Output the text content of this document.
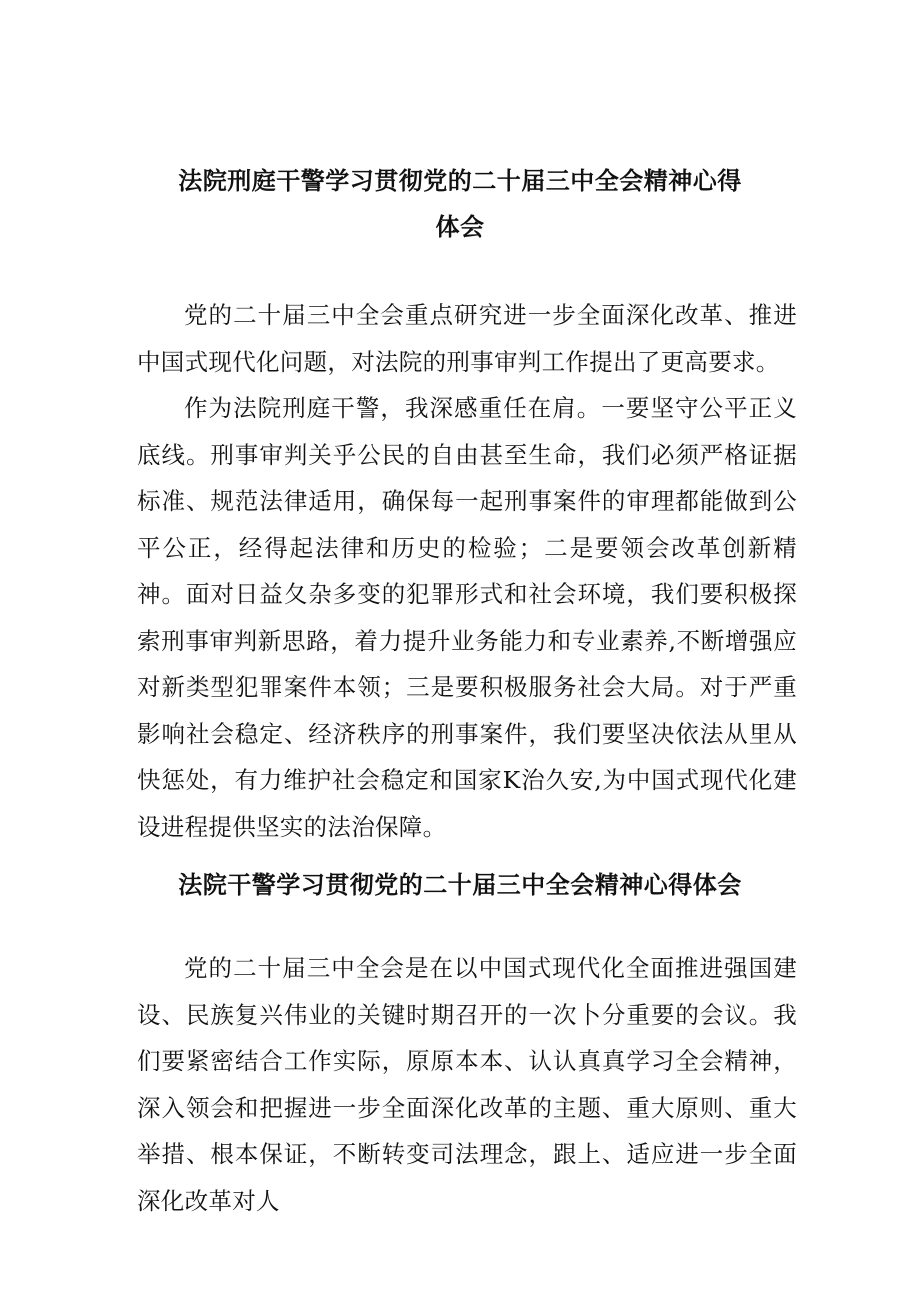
法院刑庭干警学习贯彻党的二十届三中全会精神心得
体会

党的二十届三中全会重点研究进一步全面深化改革、推进中国式现代化问题，对法院的刑事审判工作提出了更高要求。

作为法院刑庭干警，我深感重任在肩。一要坚守公平正义底线。刑事审判关乎公民的自由甚至生命，我们必须严格证据标准、规范法律适用，确保每一起刑事案件的审理都能做到公平公正，经得起法律和历史的检验；二是要领会改革创新精神。面对日益夂杂多变的犯罪形式和社会环境，我们要积极探索刑事审判新思路，着力提升业务能力和专业素养,不断增强应对新类型犯罪案件本领；三是要积极服务社会大局。对于严重影响社会稳定、经济秩序的刑事案件，我们要坚决依法从里从快惩处，有力维护社会稳定和国家K治久安,为中国式现代化建设进程提供坚实的法治保障。

法院干警学习贯彻党的二十届三中全会精神心得体会

党的二十届三中全会是在以中国式现代化全面推进强国建设、民族复兴伟业的关键时期召开的一次卜分重要的会议。我们要紧密结合工作实际，原原本本、认认真真学习全会精神，深入领会和把握进一步全面深化改革的主题、重大原则、重大举措、根本保证，不断转变司法理念，跟上、适应进一步全面深化改革对人
